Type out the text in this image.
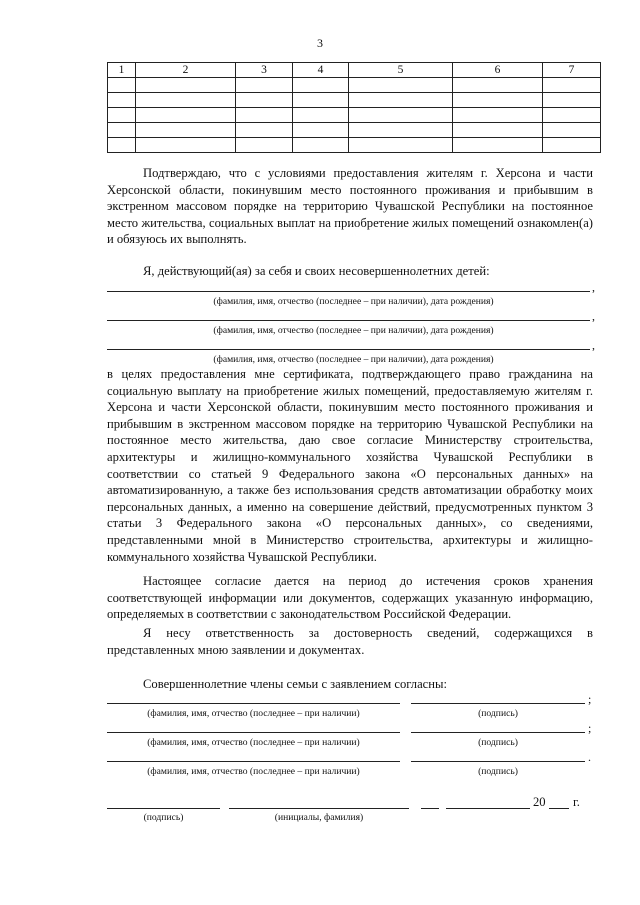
3
1	2	3	4	5	6	7

Подтверждаю, что с условиями предоставления жителям г. Херсона и части Херсонской области, покинувшим место постоянного проживания и прибывшим в экстренном массовом порядке на территорию Чувашской Республики на постоянное место жительства, социальных выплат на приобретение жилых помещений ознакомлен(а) и обязуюсь их выполнять.

Я, действующий(ая) за себя и своих несовершеннолетних детей:

,
(фамилия, имя, отчество (последнее – при наличии), дата рождения)
,
(фамилия, имя, отчество (последнее – при наличии), дата рождения)
,
(фамилия, имя, отчество (последнее – при наличии), дата рождения)

в целях предоставления мне сертификата, подтверждающего право гражданина на социальную выплату на приобретение жилых помещений, предоставляемую жителям г. Херсона и части Херсонской области, покинувшим место постоянного проживания и прибывшим в экстренном массовом порядке на территорию Чувашской Республики на постоянное место жительства, даю свое согласие Министерству строительства, архитектуры и жилищно-коммунального хозяйства Чувашской Республики в соответствии со статьей 9 Федерального закона «О персональных данных» на автоматизированную, а также без использования средств автоматизации обработку моих персональных данных, а именно на совершение действий, предусмотренных пунктом 3 статьи 3 Федерального закона «О персональных данных», со сведениями, представленными мной в Министерство строительства, архитектуры и жилищно-коммунального хозяйства Чувашской Республики.

Настоящее согласие дается на период до истечения сроков хранения соответствующей информации или документов, содержащих указанную информацию, определяемых в соответствии с законодательством Российской Федерации.

Я несу ответственность за достоверность сведений, содержащихся в представленных мною заявлении и документах.

Совершеннолетние члены семьи с заявлением согласны:

;
(фамилия, имя, отчество (последнее – при наличии)	(подпись)
;
(фамилия, имя, отчество (последнее – при наличии)	(подпись)
.
(фамилия, имя, отчество (последнее – при наличии)	(подпись)
20 г.
(подпись)	(инициалы, фамилия)
